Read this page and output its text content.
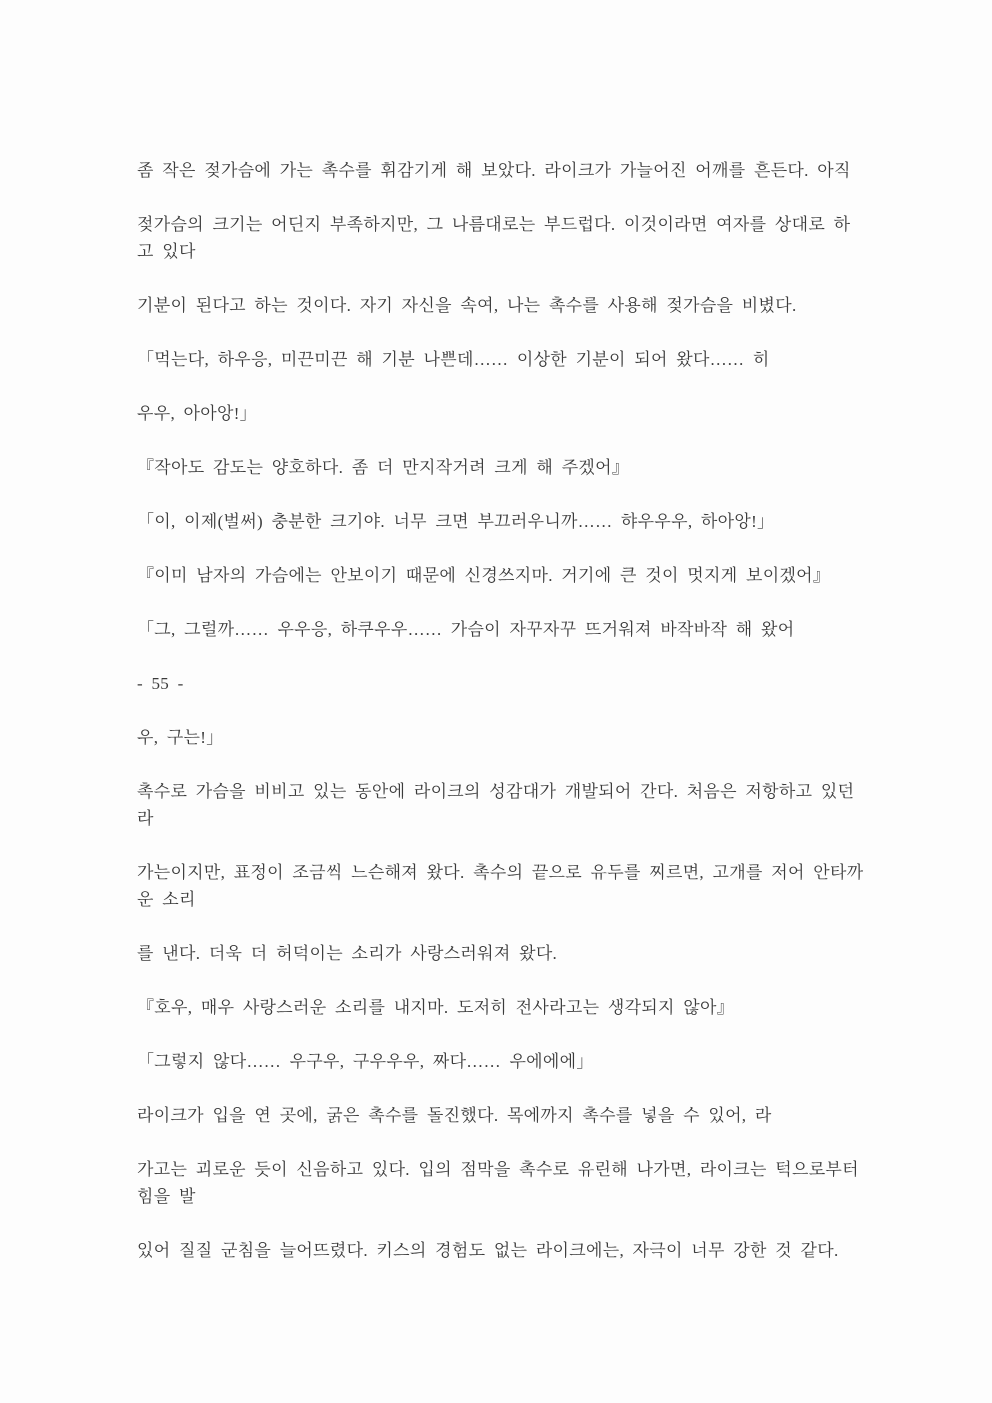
좀 작은 젖가슴에 가는 촉수를 휘감기게 해 보았다. 라이크가 가늘어진 어깨를 흔든다. 아직
젖가슴의 크기는 어딘지 부족하지만, 그 나름대로는 부드럽다. 이것이라면 여자를 상대로 하
고 있다
기분이 된다고 하는 것이다. 자기 자신을 속여, 나는 촉수를 사용해 젖가슴을 비볐다.
「먹는다, 하우응, 미끈미끈 해 기분 나쁜데…… 이상한 기분이 되어 왔다…… 히
우우, 아아앙!」
『작아도 감도는 양호하다. 좀 더 만지작거려 크게 해 주겠어』
「이, 이제(벌써) 충분한 크기야. 너무 크면 부끄러우니까…… 햐우우우, 하아앙!」
『이미 남자의 가슴에는 안보이기 때문에 신경쓰지마. 거기에 큰 것이 멋지게 보이겠어』
「그, 그럴까…… 우우응, 하쿠우우…… 가슴이 자꾸자꾸 뜨거워져 바작바작 해 왔어
- 55 -
우, 구는!」
촉수로 가슴을 비비고 있는 동안에 라이크의 성감대가 개발되어 간다. 처음은 저항하고 있던
라
가는이지만, 표정이 조금씩 느슨해져 왔다. 촉수의 끝으로 유두를 찌르면, 고개를 저어 안타까
운 소리
를 낸다. 더욱 더 허덕이는 소리가 사랑스러워져 왔다.
『호우, 매우 사랑스러운 소리를 내지마. 도저히 전사라고는 생각되지 않아』
「그렇지 않다…… 우구우, 구우우우, 짜다…… 우에에에」
라이크가 입을 연 곳에, 굵은 촉수를 돌진했다. 목에까지 촉수를 넣을 수 있어, 라
가고는 괴로운 듯이 신음하고 있다. 입의 점막을 촉수로 유린해 나가면, 라이크는 턱으로부터
힘을 발
있어 질질 군침을 늘어뜨렸다. 키스의 경험도 없는 라이크에는, 자극이 너무 강한 것 같다.
